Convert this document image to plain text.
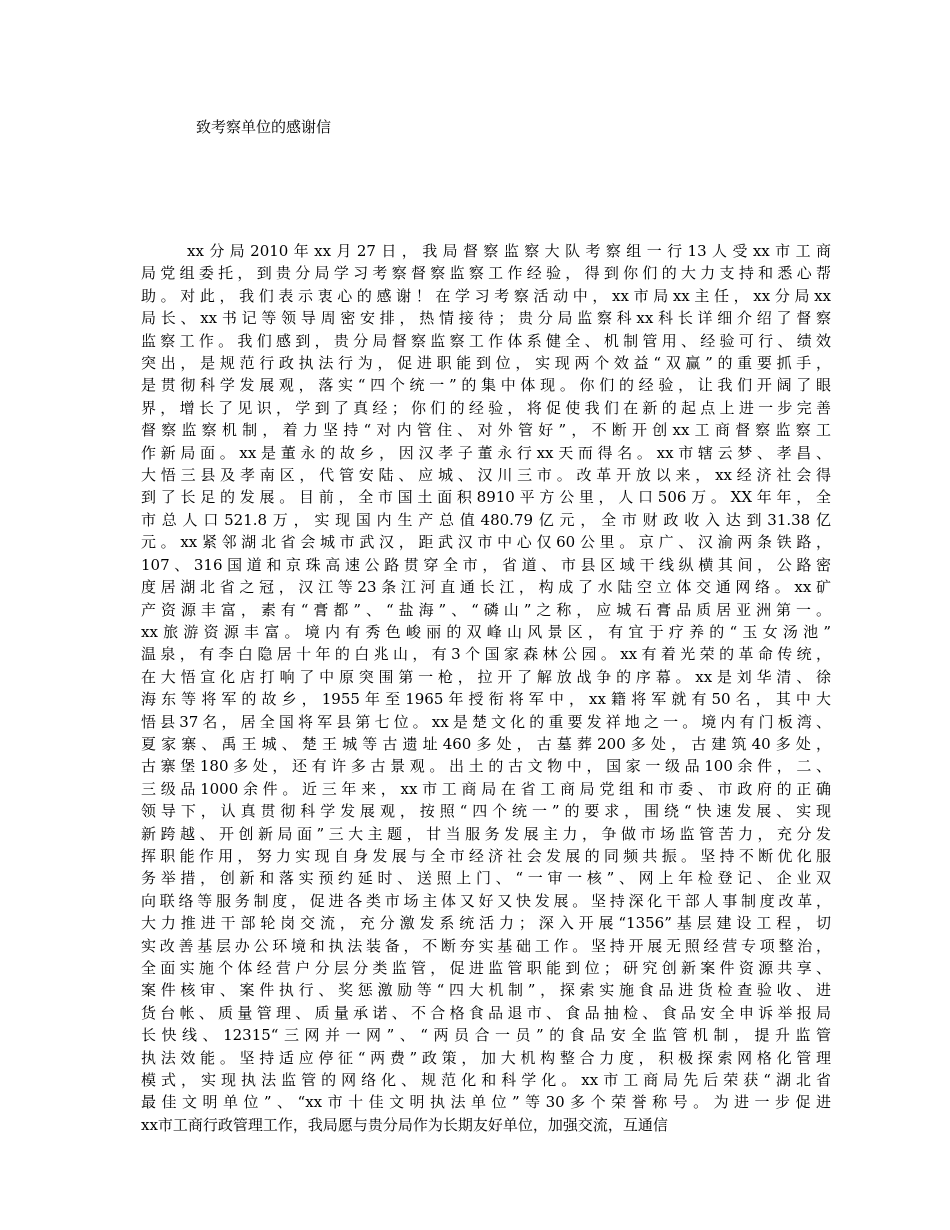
致考察单位的感谢信
xx分局2010年xx月27日，我局督察监察大队考察组一行13人受xx市工商
局党组委托，到贵分局学习考察督察监察工作经验，得到你们的大力支持和悉心帮
助。对此，我们表示衷心的感谢！在学习考察活动中，xx市局xx主任，xx分局xx
局长、xx书记等领导周密安排，热情接待；贵分局监察科xx科长详细介绍了督察
监察工作。我们感到，贵分局督察监察工作体系健全、机制管用、经验可行、绩效
突出，是规范行政执法行为，促进职能到位，实现两个效益“双赢”的重要抓手，
是贯彻科学发展观，落实“四个统一”的集中体现。你们的经验，让我们开阔了眼
界，增长了见识，学到了真经；你们的经验，将促使我们在新的起点上进一步完善
督察监察机制，着力坚持“对内管住、对外管好”，不断开创xx工商督察监察工
作新局面。xx是董永的故乡，因汉孝子董永行xx天而得名。xx市辖云梦、孝昌、
大悟三县及孝南区，代管安陆、应城、汉川三市。改革开放以来，xx经济社会得
到了长足的发展。目前，全市国土面积8910平方公里，人口506万。XX年年，全
市总人口521.8万，实现国内生产总值480.79亿元，全市财政收入达到31.38亿
元。xx紧邻湖北省会城市武汉，距武汉市中心仅60公里。京广、汉渝两条铁路，
107、316国道和京珠高速公路贯穿全市，省道、市县区域干线纵横其间，公路密
度居湖北省之冠，汉江等23条江河直通长江，构成了水陆空立体交通网络。xx矿
产资源丰富，素有“膏都”、“盐海”、“磷山”之称，应城石膏品质居亚洲第一。
xx旅游资源丰富。境内有秀色峻丽的双峰山风景区，有宜于疗养的“玉女汤池”
温泉，有李白隐居十年的白兆山，有3个国家森林公园。xx有着光荣的革命传统，
在大悟宣化店打响了中原突围第一枪，拉开了解放战争的序幕。xx是刘华清、徐
海东等将军的故乡，1955年至1965年授衔将军中，xx籍将军就有50名，其中大
悟县37名，居全国将军县第七位。xx是楚文化的重要发祥地之一。境内有门板湾、
夏家寨、禹王城、楚王城等古遗址460多处，古墓葬200多处，古建筑40多处，
古寨堡180多处，还有许多古景观。出土的古文物中，国家一级品100余件，二、
三级品1000余件。近三年来，xx市工商局在省工商局党组和市委、市政府的正确
领导下，认真贯彻科学发展观，按照“四个统一”的要求，围绕“快速发展、实现
新跨越、开创新局面”三大主题，甘当服务发展主力，争做市场监管苦力，充分发
挥职能作用，努力实现自身发展与全市经济社会发展的同频共振。坚持不断优化服
务举措，创新和落实预约延时、送照上门、“一审一核”、网上年检登记、企业双
向联络等服务制度，促进各类市场主体又好又快发展。坚持深化干部人事制度改革，
大力推进干部轮岗交流，充分激发系统活力；深入开展“1356”基层建设工程，切
实改善基层办公环境和执法装备，不断夯实基础工作。坚持开展无照经营专项整治，
全面实施个体经营户分层分类监管，促进监管职能到位；研究创新案件资源共享、
案件核审、案件执行、奖惩激励等“四大机制”，探索实施食品进货检查验收、进
货台帐、质量管理、质量承诺、不合格食品退市、食品抽检、食品安全申诉举报局
长快线、12315“三网并一网”、“两员合一员”的食品安全监管机制，提升监管
执法效能。坚持适应停征“两费”政策，加大机构整合力度，积极探索网格化管理
模式，实现执法监管的网络化、规范化和科学化。xx市工商局先后荣获“湖北省
最佳文明单位”、“xx市十佳文明执法单位”等30多个荣誉称号。为进一步促进
xx市工商行政管理工作，我局愿与贵分局作为长期友好单位，加强交流，互通信
